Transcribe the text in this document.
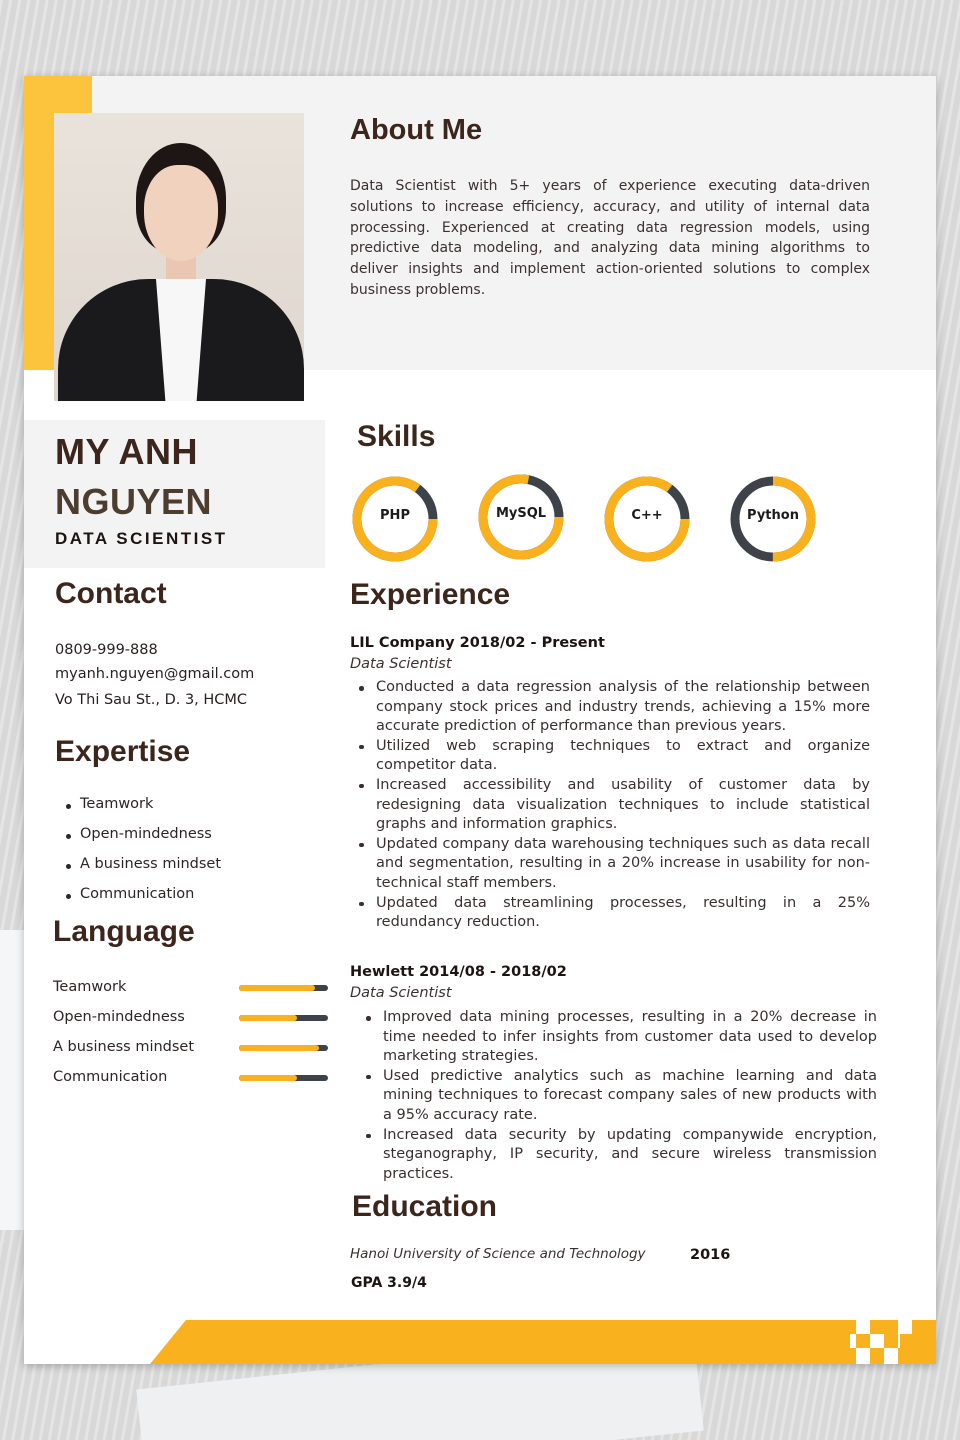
About Me
Data Scientist with 5+ years of experience executing data-driven solutions to increase efficiency, accuracy, and utility of internal data processing. Experienced at creating data regression models, using predictive data modeling, and analyzing data mining algorithms to deliver insights and implement action-oriented solutions to complex business problems.
MY ANH
NGUYEN
DATA SCIENTIST
Contact
0809-999-888
myanh.nguyen@gmail.com
Vo Thi Sau St., D. 3, HCMC
Expertise
Teamwork
Open-mindedness
A business mindset
Communication
Language
Teamwork
Open-mindedness
A business mindset
Communication
Skills
PHP	MySQL	C++	Python
Experience
LIL Company 2018/02 - Present
Data Scientist
Conducted a data regression analysis of the relationship between company stock prices and industry trends, achieving a 15% more accurate prediction of performance than previous years.
Utilized web scraping techniques to extract and organize competitor data.
Increased accessibility and usability of customer data by redesigning data visualization techniques to include statistical graphs and information graphics.
Updated company data warehousing techniques such as data recall and segmentation, resulting in a 20% increase in usability for non-technical staff members.
Updated data streamlining processes, resulting in a 25% redundancy reduction.
Hewlett 2014/08 - 2018/02
Data Scientist
Improved data mining processes, resulting in a 20% decrease in time needed to infer insights from customer data used to develop marketing strategies.
Used predictive analytics such as machine learning and data mining techniques to forecast company sales of new products with a 95% accuracy rate.
Increased data security by updating companywide encryption, steganography, IP security, and secure wireless transmission practices.
Education
Hanoi University of Science and Technology	2016
GPA 3.9/4
